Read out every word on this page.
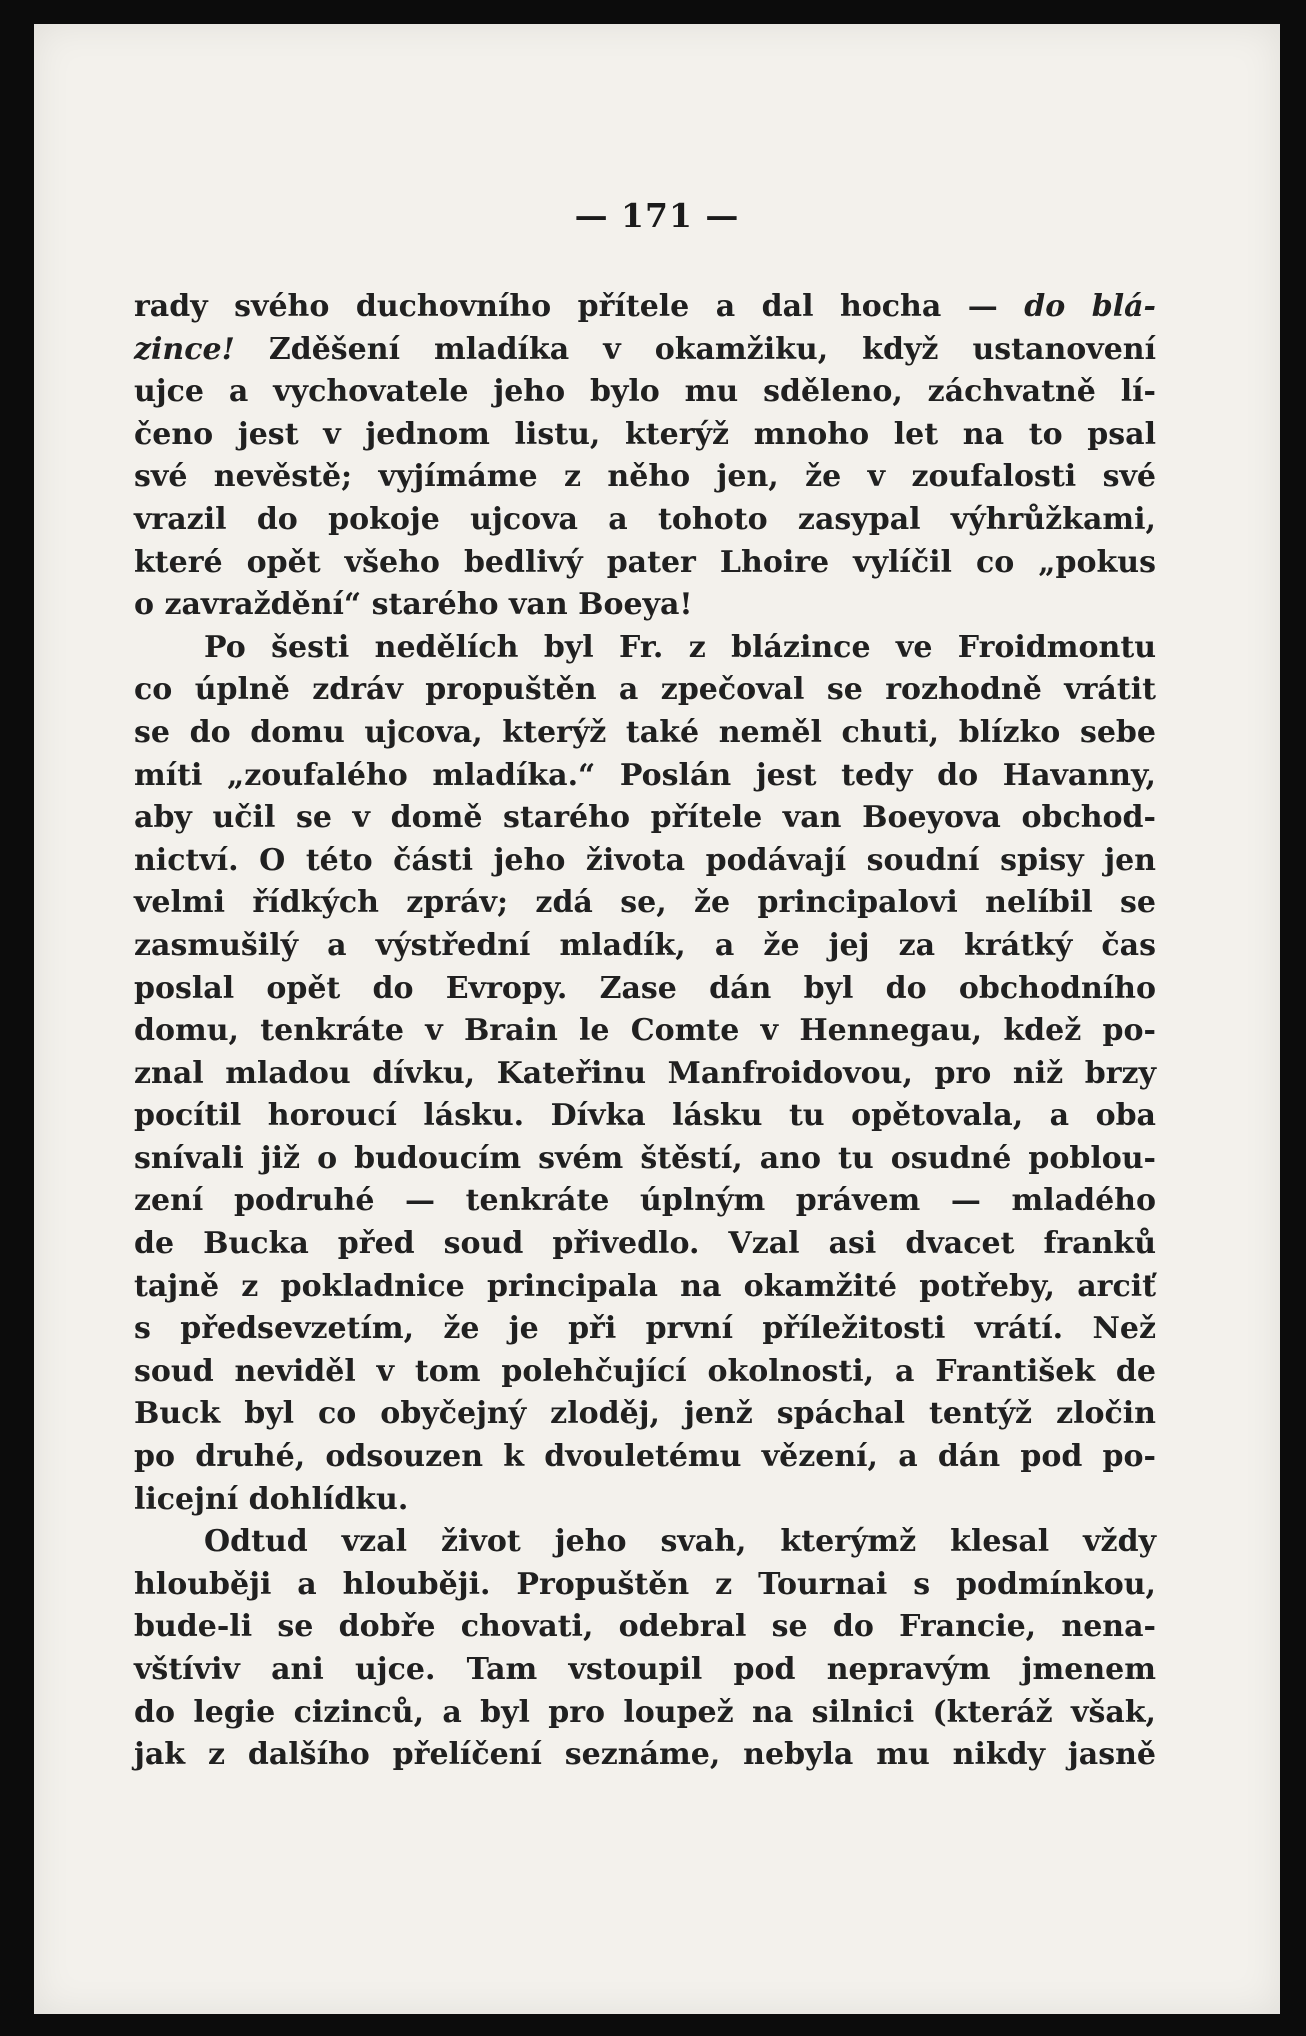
— 171 —
rady svého duchovního přítele a dal hocha — do blá-
zince! Zděšení mladíka v okamžiku, když ustanovení
ujce a vychovatele jeho bylo mu sděleno, záchvatně lí-
čeno jest v jednom listu, kterýž mnoho let na to psal
své nevěstě; vyjímáme z něho jen, že v zoufalosti své
vrazil do pokoje ujcova a tohoto zasypal výhrůžkami,
které opět všeho bedlivý pater Lhoire vylíčil co „pokus
o zavraždění“ starého van Boeya!
Po šesti nedělích byl Fr. z blázince ve Froidmontu
co úplně zdráv propuštěn a zpečoval se rozhodně vrátit
se do domu ujcova, kterýž také neměl chuti, blízko sebe
míti „zoufalého mladíka.“ Poslán jest tedy do Havanny,
aby učil se v domě starého přítele van Boeyova obchod-
nictví. O této části jeho života podávají soudní spisy jen
velmi řídkých zpráv; zdá se, že principalovi nelíbil se
zasmušilý a výstřední mladík, a že jej za krátký čas
poslal opět do Evropy. Zase dán byl do obchodního
domu, tenkráte v Brain le Comte v Hennegau, kdež po-
znal mladou dívku, Kateřinu Manfroidovou, pro niž brzy
pocítil horoucí lásku. Dívka lásku tu opětovala, a oba
snívali již o budoucím svém štěstí, ano tu osudné poblou-
zení podruhé — tenkráte úplným právem — mladého
de Bucka před soud přivedlo. Vzal asi dvacet franků
tajně z pokladnice principala na okamžité potřeby, arciť
s předsevzetím, že je při první příležitosti vrátí. Než
soud neviděl v tom polehčující okolnosti, a František de
Buck byl co obyčejný zloděj, jenž spáchal tentýž zločin
po druhé, odsouzen k dvouletému vězení, a dán pod po-
licejní dohlídku.
Odtud vzal život jeho svah, kterýmž klesal vždy
hlouběji a hlouběji. Propuštěn z Tournai s podmínkou,
bude-li se dobře chovati, odebral se do Francie, nena-
vštíviv ani ujce. Tam vstoupil pod nepravým jmenem
do legie cizinců, a byl pro loupež na silnici (kteráž však,
jak z dalšího přelíčení seznáme, nebyla mu nikdy jasně
